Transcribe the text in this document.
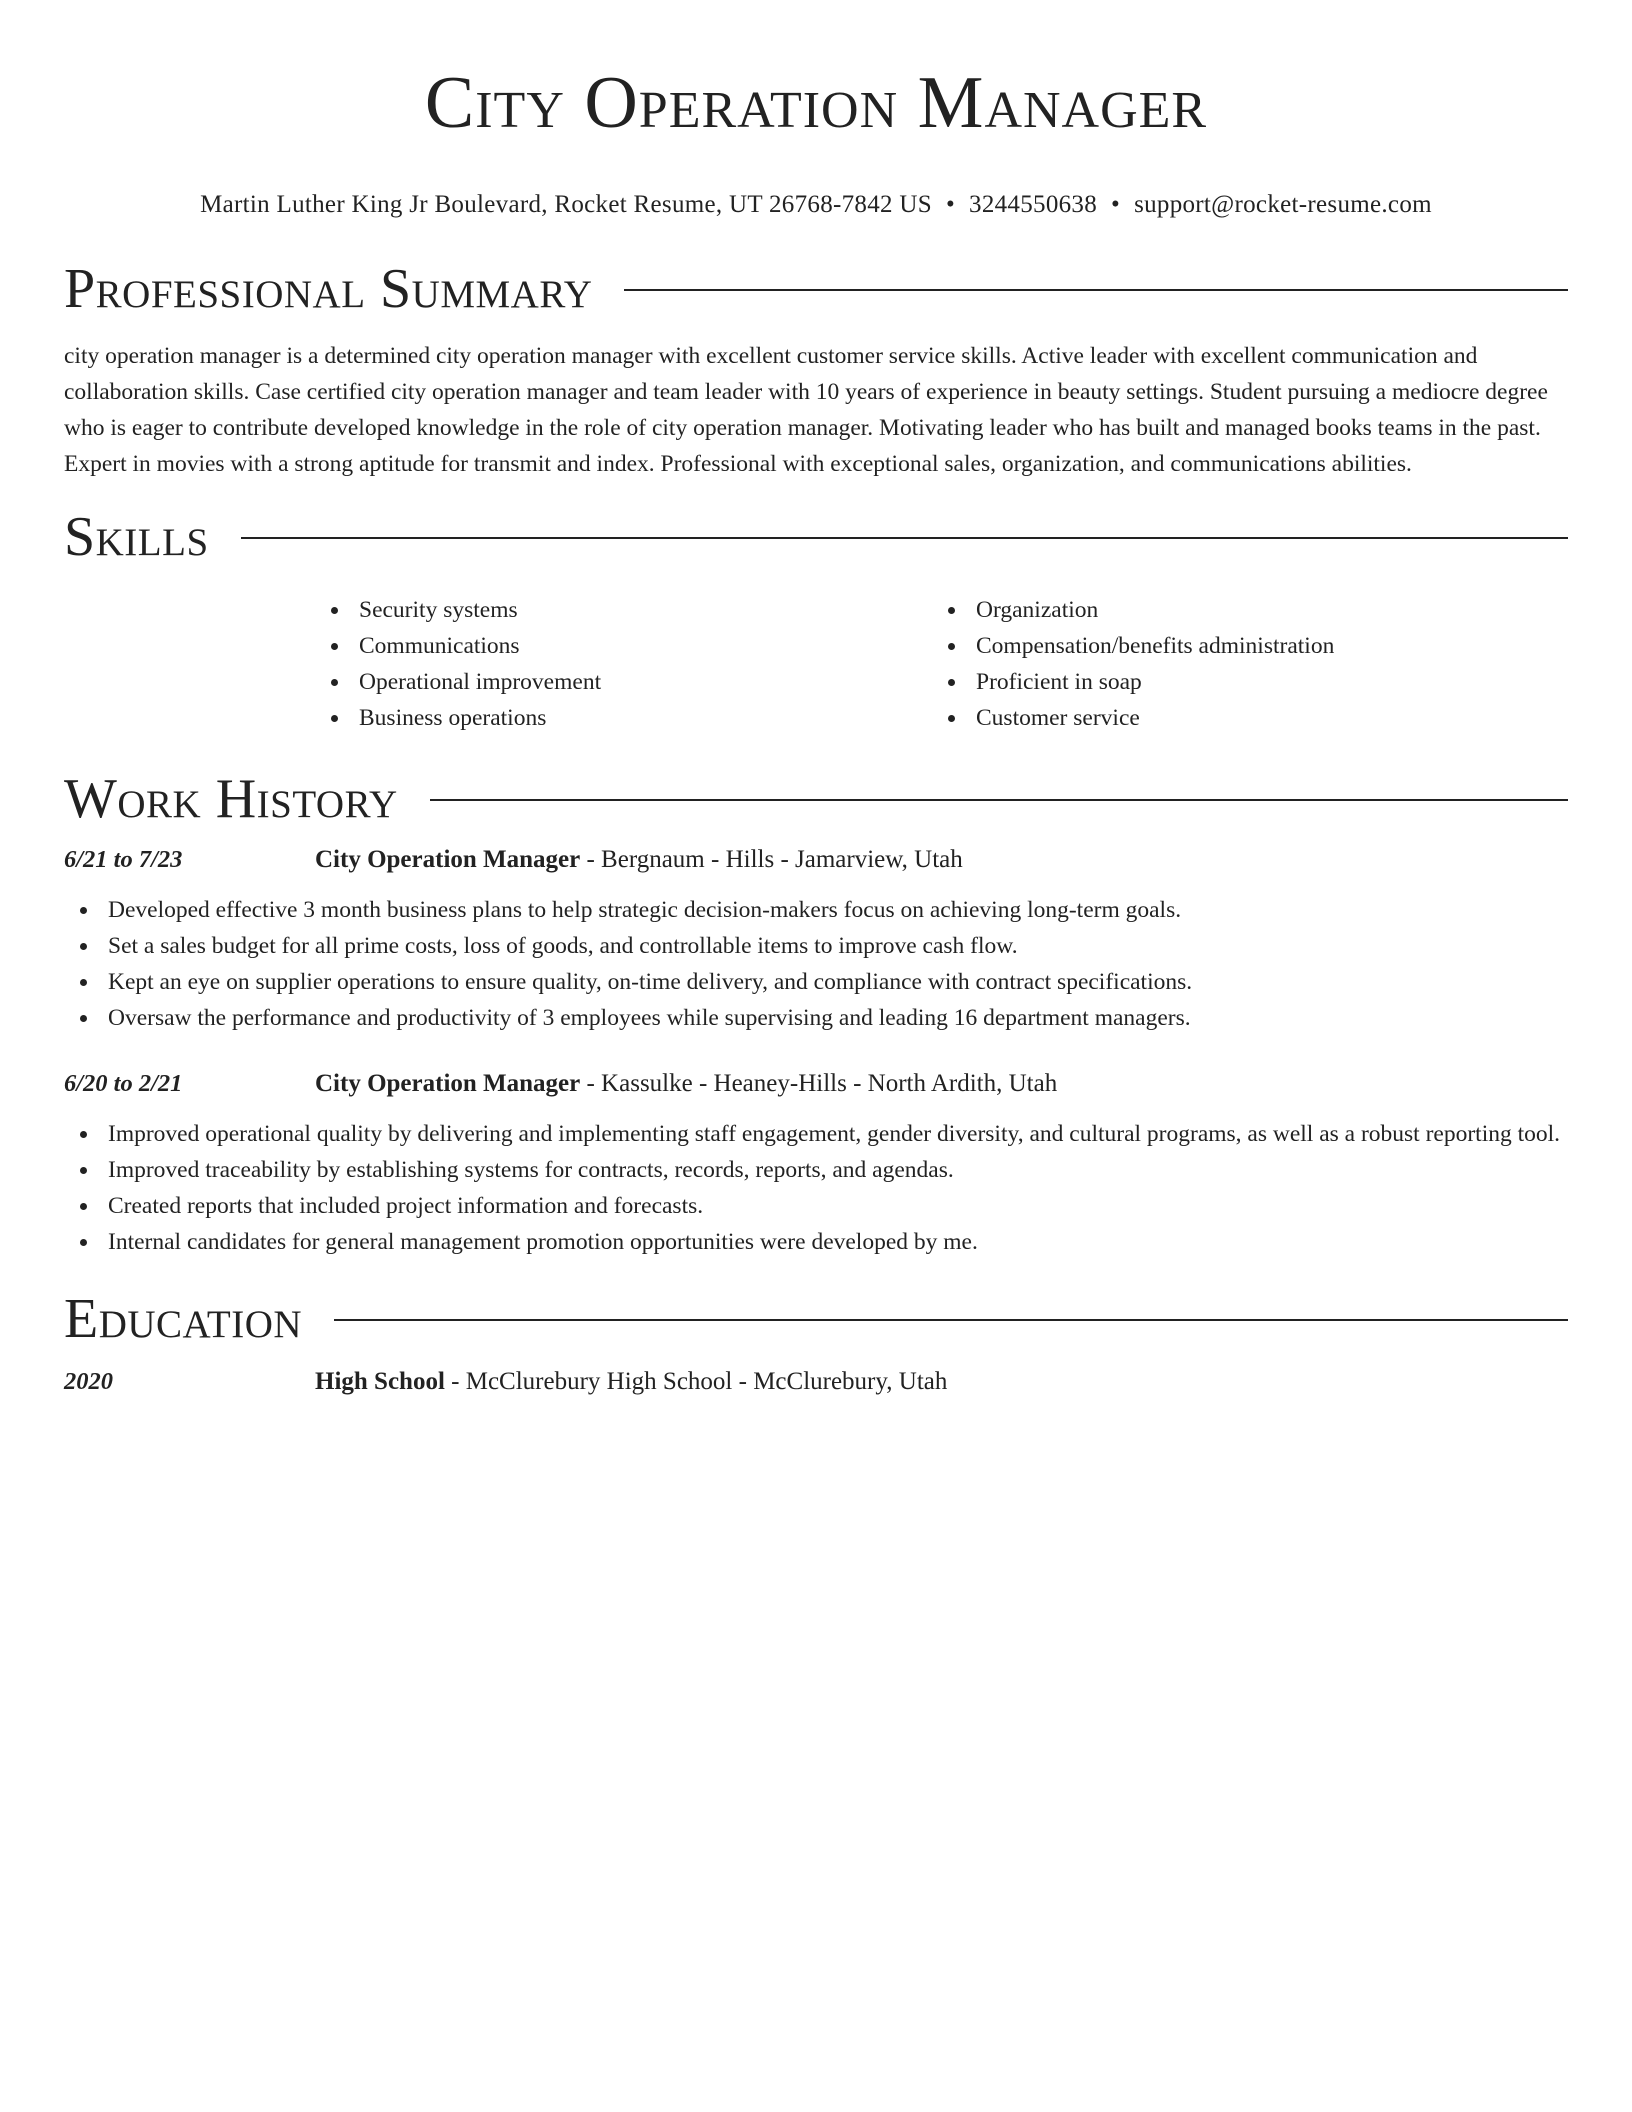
City Operation Manager
Martin Luther King Jr Boulevard, Rocket Resume, UT 26768-7842 US • 3244550638 • support@rocket-resume.com
Professional Summary

city operation manager is a determined city operation manager with excellent customer service skills. Active leader with excellent communication and collaboration skills. Case certified city operation manager and team leader with 10 years of experience in beauty settings. Student pursuing a mediocre degree who is eager to contribute developed knowledge in the role of city operation manager. Motivating leader who has built and managed books teams in the past. Expert in movies with a strong aptitude for transmit and index. Professional with exceptional sales, organization, and communications abilities.

Skills
Security systems
Communications
Operational improvement
Business operations
Organization
Compensation/benefits administration
Proficient in soap
Customer service
Work History
6/21 to 7/23	City Operation Manager - Bergnaum - Hills - Jamarview, Utah
Developed effective 3 month business plans to help strategic decision-makers focus on achieving long-term goals.
Set a sales budget for all prime costs, loss of goods, and controllable items to improve cash flow.
Kept an eye on supplier operations to ensure quality, on-time delivery, and compliance with contract specifications.
Oversaw the performance and productivity of 3 employees while supervising and leading 16 department managers.
6/20 to 2/21	City Operation Manager - Kassulke - Heaney-Hills - North Ardith, Utah
Improved operational quality by delivering and implementing staff engagement, gender diversity, and cultural programs, as well as a robust reporting tool.
Improved traceability by establishing systems for contracts, records, reports, and agendas.
Created reports that included project information and forecasts.
Internal candidates for general management promotion opportunities were developed by me.
Education
2020	High School - McClurebury High School - McClurebury, Utah
